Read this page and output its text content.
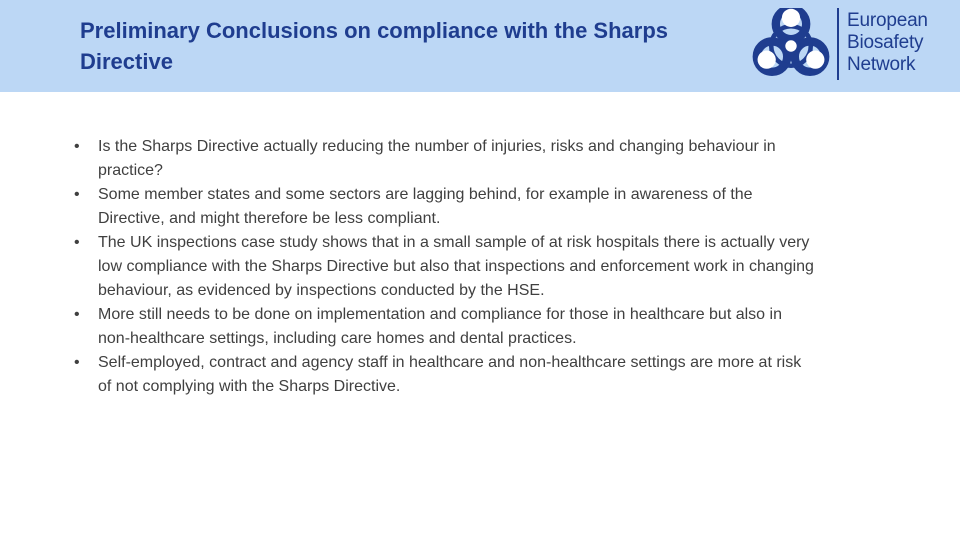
Preliminary Conclusions on compliance with the Sharps Directive
European
Biosafety
Network
• Is the Sharps Directive actually reducing the number of injuries, risks and changing behaviour in practice?
• Some member states and some sectors are lagging behind, for example in awareness of the Directive, and might therefore be less compliant.
• The UK inspections case study shows that in a small sample of at risk hospitals there is actually very low compliance with the Sharps Directive but also that inspections and enforcement work in changing behaviour, as evidenced by inspections conducted by the HSE.
• More still needs to be done on implementation and compliance for those in healthcare but also in non-healthcare settings, including care homes and dental practices.
• Self-employed, contract and agency staff in healthcare and non-healthcare settings are more at risk of not complying with the Sharps Directive.
